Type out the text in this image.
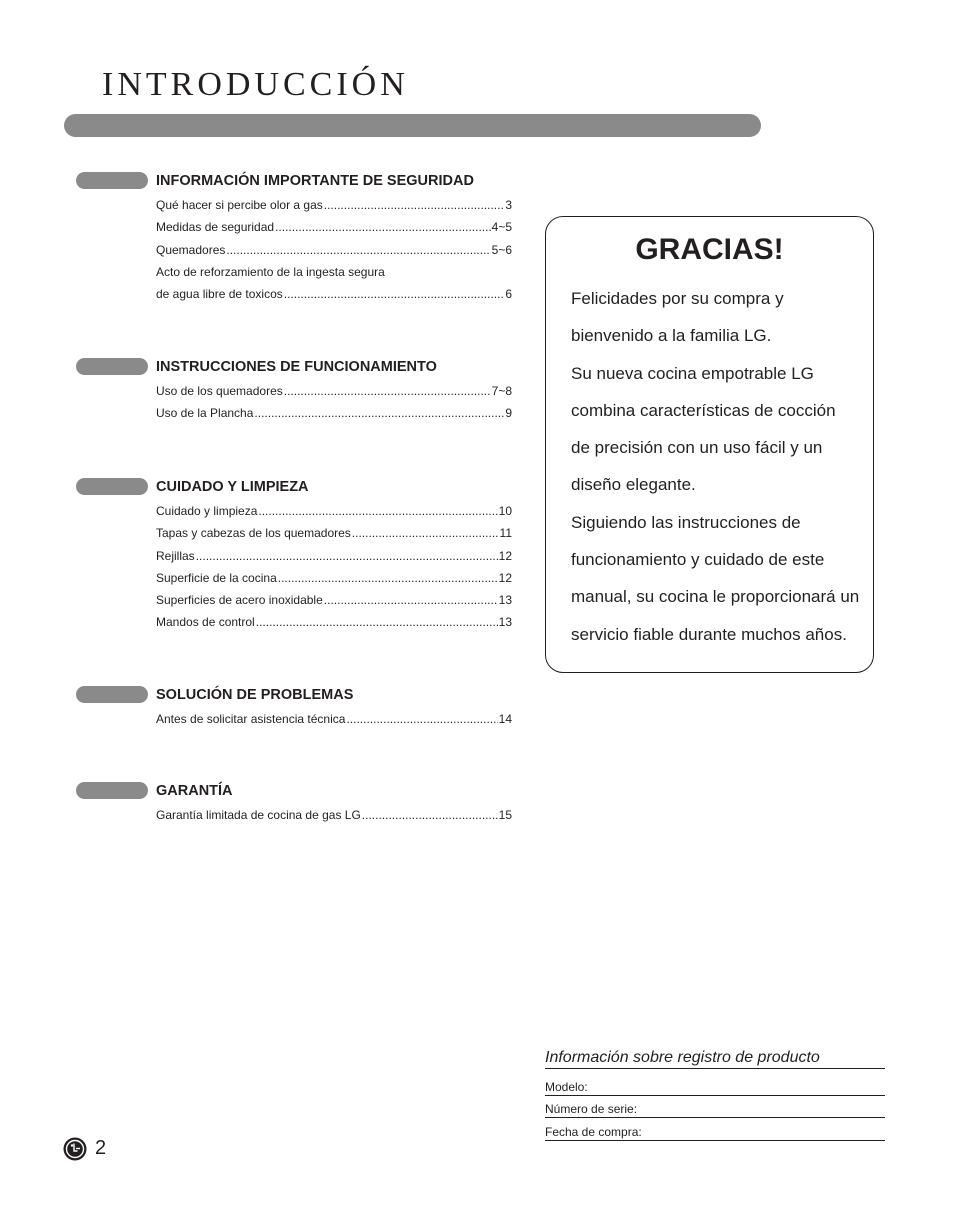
INTRODUCCIÓN
INFORMACIÓN IMPORTANTE DE SEGURIDAD
Qué hacer si percibe olor a gas .....	3
Medidas de seguridad .....	4~5
Quemadores .....	5~6
Acto de reforzamiento de la ingesta segura
de agua libre de toxicos .....	6
INSTRUCCIONES DE FUNCIONAMIENTO
Uso de los quemadores .....	7~8
Uso de la Plancha .....	9
CUIDADO Y LIMPIEZA
Cuidado y limpieza .....	10
Tapas y cabezas de los quemadores .....	11
Rejillas .....	12
Superficie de la cocina .....	12
Superficies de acero inoxidable .....	13
Mandos de control .....	13
SOLUCIÓN DE PROBLEMAS
Antes de solicitar asistencia técnica .....	14
GARANTÍA
Garantía limitada de cocina de gas LG .....	15
GRACIAS!
Felicidades por su compra y
bienvenido a la familia LG.
Su nueva cocina empotrable LG
combina características de cocción
de precisión con un uso fácil y un
diseño elegante.
Siguiendo las instrucciones de
funcionamiento y cuidado de este
manual, su cocina le proporcionará un
servicio fiable durante muchos años.
Información sobre registro de producto
Modelo:
Número de serie:
Fecha de compra:
2
